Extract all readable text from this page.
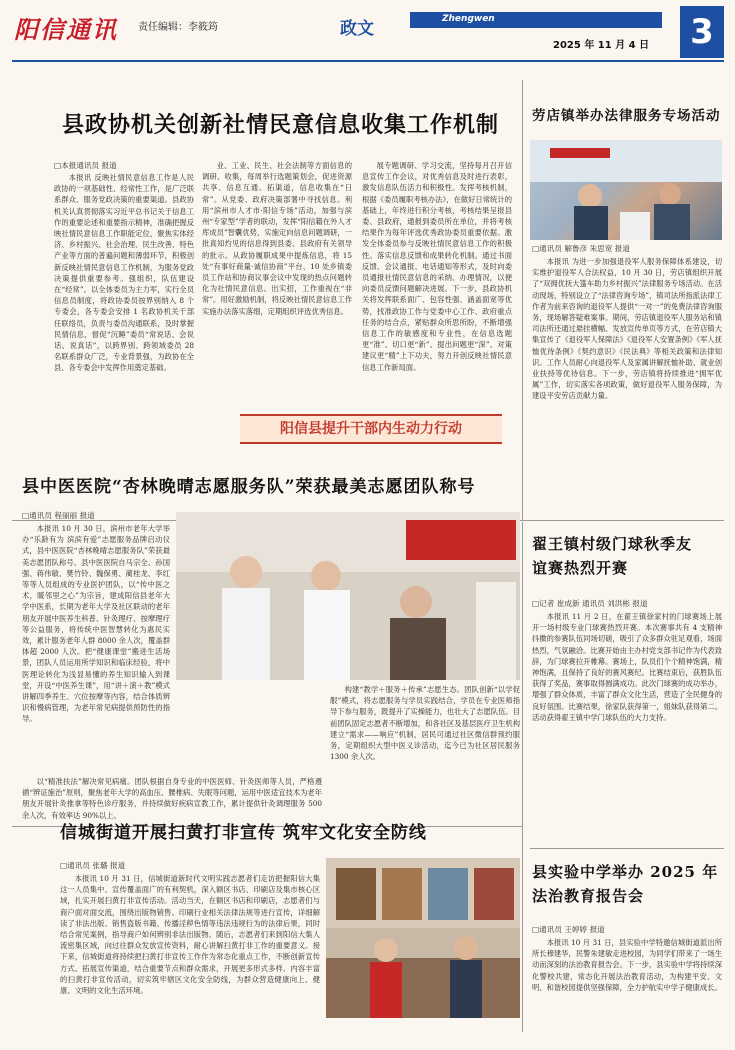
阳信通讯 责任编辑：李筱筠	政文	Zhengwen
2025 年 11 月 4 日 3
县政协机关创新社情民意信息收集工作机制
□本报通讯员 报道
本报讯 反映社情民意信息工作是人民政协的一项基础性、经常性工作，是广泛联系群众、服务党政决策的重要渠道。县政协机关认真贯彻落实习近平总书记关于信息工作的重要论述和重要指示精神，准确把握反映社情民意信息工作职能定位，聚焦实体经济、乡村振兴、社会治理、民生改善、特色产业等方面的普遍问题和薄弱环节，积极创新反映社情民意信息工作机制，为服务党政决策提供重要参考。强组织，队伍建设在“经常”。以全体委员为主力军，实行全员信息员制度，将政协委员按界别纳入 8 个专委会，各专委会安排 1 名政协机关干部任联络员，负责与委员沟通联系，及时掌握民情信息，督促“沉睡”委员“常说话、会说话、说真话”，以跨界别、跨领域委员 28 名联系群众广泛，专业背景强，为政协在全县、各专委会中发挥作用奠定基础。
业、工业、民生、社会法制等方面信息的调研、收集，每周举行选题策划会，促进资源共享、信息互通。拓渠道，信息收集在“日常”。从党委、政府决策部署中寻找信息。利用“滨州市人才市·阳信专场”活动，加强与滨州“专家型”学者的联动，发挥“阳信籍在外人才库成员”智囊优势，实施定向信息问题调研，一批真知灼见的信息得到县委、县政府有关领导的批示。从政协履职成果中提炼信息，将 15 处“有事好商量·诚信协商”平台、10 处乡镇委员工作站和协商议事会议中发现的热点问题转化为社情民意信息。出实招，工作重视在“非常”。用好激励机制，将反映社情民意信息工作实施办法落实落细，定期组织评选优秀信息。
展专题调研、学习交流，坚持每月召开信息宣传工作会议，对优秀信息及时进行表彰，激发信息队伍活力和积极性。发挥考核机制，根据《委员履职考核办法》，在做好日常统计的基础上，年终进行积分考核，考核结果呈报县委、县政府，通报到委员所在单位，并将考核结果作为每年评选优秀政协委员重要依据。激发全体委员参与反映社情民意信息工作的积极性。落实信息反馈和成果转化机制。通过书面反馈、会议通报、电话通知等形式，及时向委员通报社情民意信息的采纳、办理情况，以便向委员反馈问题解决进展。下一步，县政协机关将发挥联系面广、包容性强、涵盖面宽等优势，找准政协工作与党委中心工作、政府重点任务的结合点，紧贴群众所思所盼，不断增强信息工作的敏感度和专业性，在信息选题更“准”、切口更“新”、提出问题更“深”、对策建议更“精”上下功夫，努力开创反映社情民意信息工作新局面。
阳信县提升干部内生动力行动
劳店镇举办法律服务专场活动
□通讯员 解鲁彦 朱思宽 报道
本报讯 为进一步加强退役军人服务保障体系建设，切实维护退役军人合法权益，10 月 30 日，劳店镇组织开展了“双拥优抚大篷车助力乡村振兴”法律服务专场活动。在活动现场，特别设立了“法律咨询专场”，镇司法所指派法律工作者为前来咨询的退役军人提供“一对一”的免费法律咨询服务，现场解答疑难案事。期间，劳店镇退役军人服务站和镇司法所还通过悬挂横幅、发放宣传单页等方式，在劳店镇大集宣传了《退役军人保障法》《退役军人安置条例》《军人抚恤优待条例》《契约意识》《民法典》等相关政策和法律知识。工作人员耐心向退役军人及家属讲解抚恤补助、就业创业扶持等优待信息。下一步，劳店镇将持续推进“拥军优属”工作，切实落实各项政策，做好退役军人服务保障，为建设平安劳店贡献力量。
县中医医院“杏林晚晴志愿服务队”荣获最美志愿团队称号
□通讯员 程丽丽 报道
本报讯 10 月 30 日，滨州市老年大学举办“乐龄有为 滨滨有爱”志愿服务品牌启动仪式，县中医医院“杏林晚晴志愿服务队”荣获最美志愿团队称号。县中医医院自马宗全、孙国强、蒋伟敏、樊竹铃、魏保勇、蔺桂龙、李红等等人员组成的专业医护团队，以“传中医之术，暖邻里之心”为宗旨，建成阳信县老年大学中医系，长期为老年大学及社区联动的老年朋友开展中医养生科普、针灸理疗、按摩理疗等公益服务，将传统中医智慧转化为惠民实效，累计服务老年人群 8000 余人次，覆盖群体超 2000 人次。把“健康课堂”搬进生活场景，团队人员运用所学知识和临床经验，将中医理论转化为浅显易懂的养生知识输入到课堂，开设“中医养生课”，用“讲＋演＋教”模式讲解四季养生、穴位按摩等内容，结合体质辨识和慢病管理，为老年常见病提供预防性的指导。
以“精准扶法”解决常见病痛。团队根据自身专业的中医医师、针灸医师等人员，严格遵循“辨证施治”原则，聚焦老年大学的高血压、腰椎病、失眠等问题，运用中医适宜技术为老年朋友开展针灸推拿等特色诊疗服务，并持续做好疾病宣教工作，累计提供针灸调理服务 500 余人次，有效率达 90%以上。
构建“教学＋服务＋传承”志愿生态。团队创新“以学促服”模式，将志愿服务与学员实践结合，学员在专业医师指导下参与服务，既提升了实操能力，也壮大了志愿队伍。目前团队固定志愿者不断增加，和各社区及基层医疗卫生机构建立“需求——响应”机制，居民可通过社区微信群预约服务，定期组织大型中医义诊活动，迄今已为社区居民服务 1300 余人次。
翟王镇村级门球秋季友谊赛热烈开赛
□记者 崔成新 通讯员 刘洪彬 报道
本报讯 11 月 2 日，在翟王镇徐家村的门球赛场上展开一场村级专业门球赛热烈开赛。本次赛事共有 4 支精神抖擞的参赛队伍同场切磋，吸引了众多群众驻足观看，场面热烈，气氛融洽。比赛开始由主办村党支部书记作为代表致辞，为门球赛拉开帷幕。赛场上，队员们个个精神饱满，精神饱满，且保持了良好的赛风赛纪。比赛结束后，获胜队伍获得了奖品，赛事取得圆满成功。此次门球赛的成功举办，增强了群众体质，丰富了群众文化生活，营造了全民健身的良好氛围。比赛结果，徐家队获得第一，姐妹队获得第二。活动获得翟王镇中学门球队伍的大力支持。
信城街道开展扫黄打非宣传 筑牢文化安全防线
□通讯员 张璐 报道
本报讯 10 月 31 日，信城街道新时代文明实践志愿者们走访把握阳信大集这一人员集中、宣传覆盖面广的有利契机，深入额区书店、印刷店及集市核心区域，扎实开展扫黄打非宣传活动。活动当天，在额区书店和印刷店，志愿者们与商户面对面交流，围绕出版物销售、印刷行业相关法律法规等进行宣传，详细解读了非法出版、销售盗版书籍、传播淫秽色情等违法违规行为的法律后果，同时结合常见案例，指导商户如何辨别非法出版物。随后，志愿者们来到阳信大集人流密集区域，向过往群众发放宣传资料，耐心讲解扫黄打非工作的重要意义。接下来，信城街道将持续把扫黄打非宣传工作作为常态化重点工作，不断创新宣传方式、拓展宣传渠道，结合重要节点和群众需求，开展更多形式多样、内容丰富的扫黄打非宣传活动，切实筑牢辖区文化安全防线，为群众营造健康向上、健康、文明的文化生活环境。
县实验中学举办 2025 年法治教育报告会
□通讯员 王婷婷 报道
本报讯 10 月 31 日，县实验中学特邀信城街道派出所所长穆建华，民警朱建敏走进校园，为同学们带来了一场生动而深刻的法治教育报告会。下一步，县实验中学将持续深化警校共建，常态化开展法治教育活动，为构建平安、文明、和谐校园提供坚强保障，全力护航实中学子健康成长。
